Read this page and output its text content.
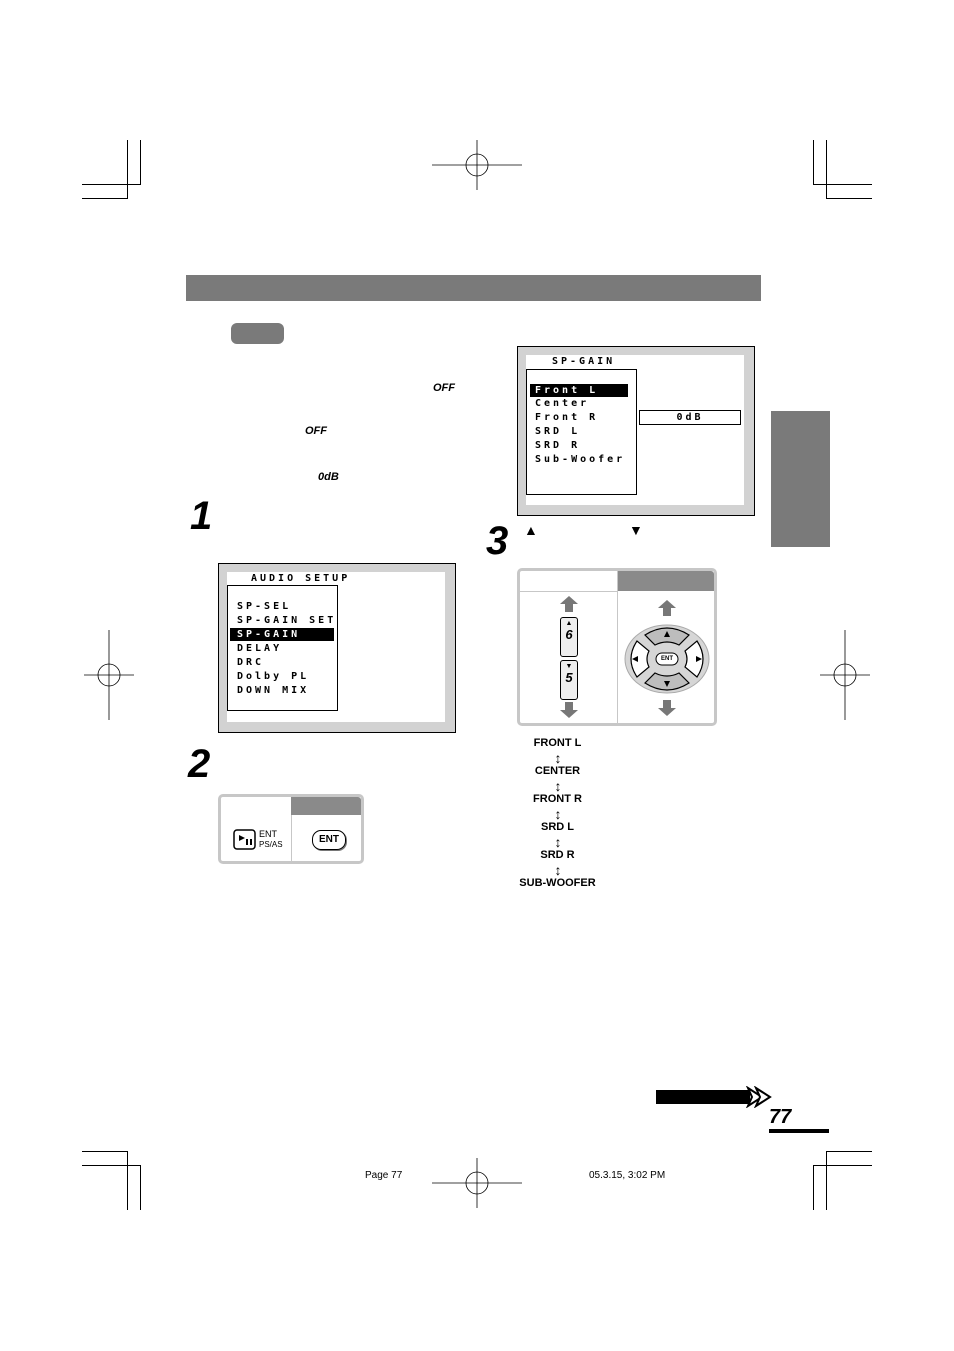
OFF
OFF
0dB
1
2
3 ▲	▼
AUDIO SETUP
SP-SEL
SP-GAIN SET
SP-GAIN
DELAY
DRC
Dolby PL
DOWN MIX
SP-GAIN
Front L
Center
Front R
SRD L
SRD R
Sub-Woofer
0dB
ENT
PS/AS	ENT
▲
6
▼
5
ENT
FRONT L
↕
CENTER
↕
FRONT R
↕
SRD L
↕
SRD R
↕
SUB-WOOFER
77
Page 77	05.3.15, 3:02 PM
